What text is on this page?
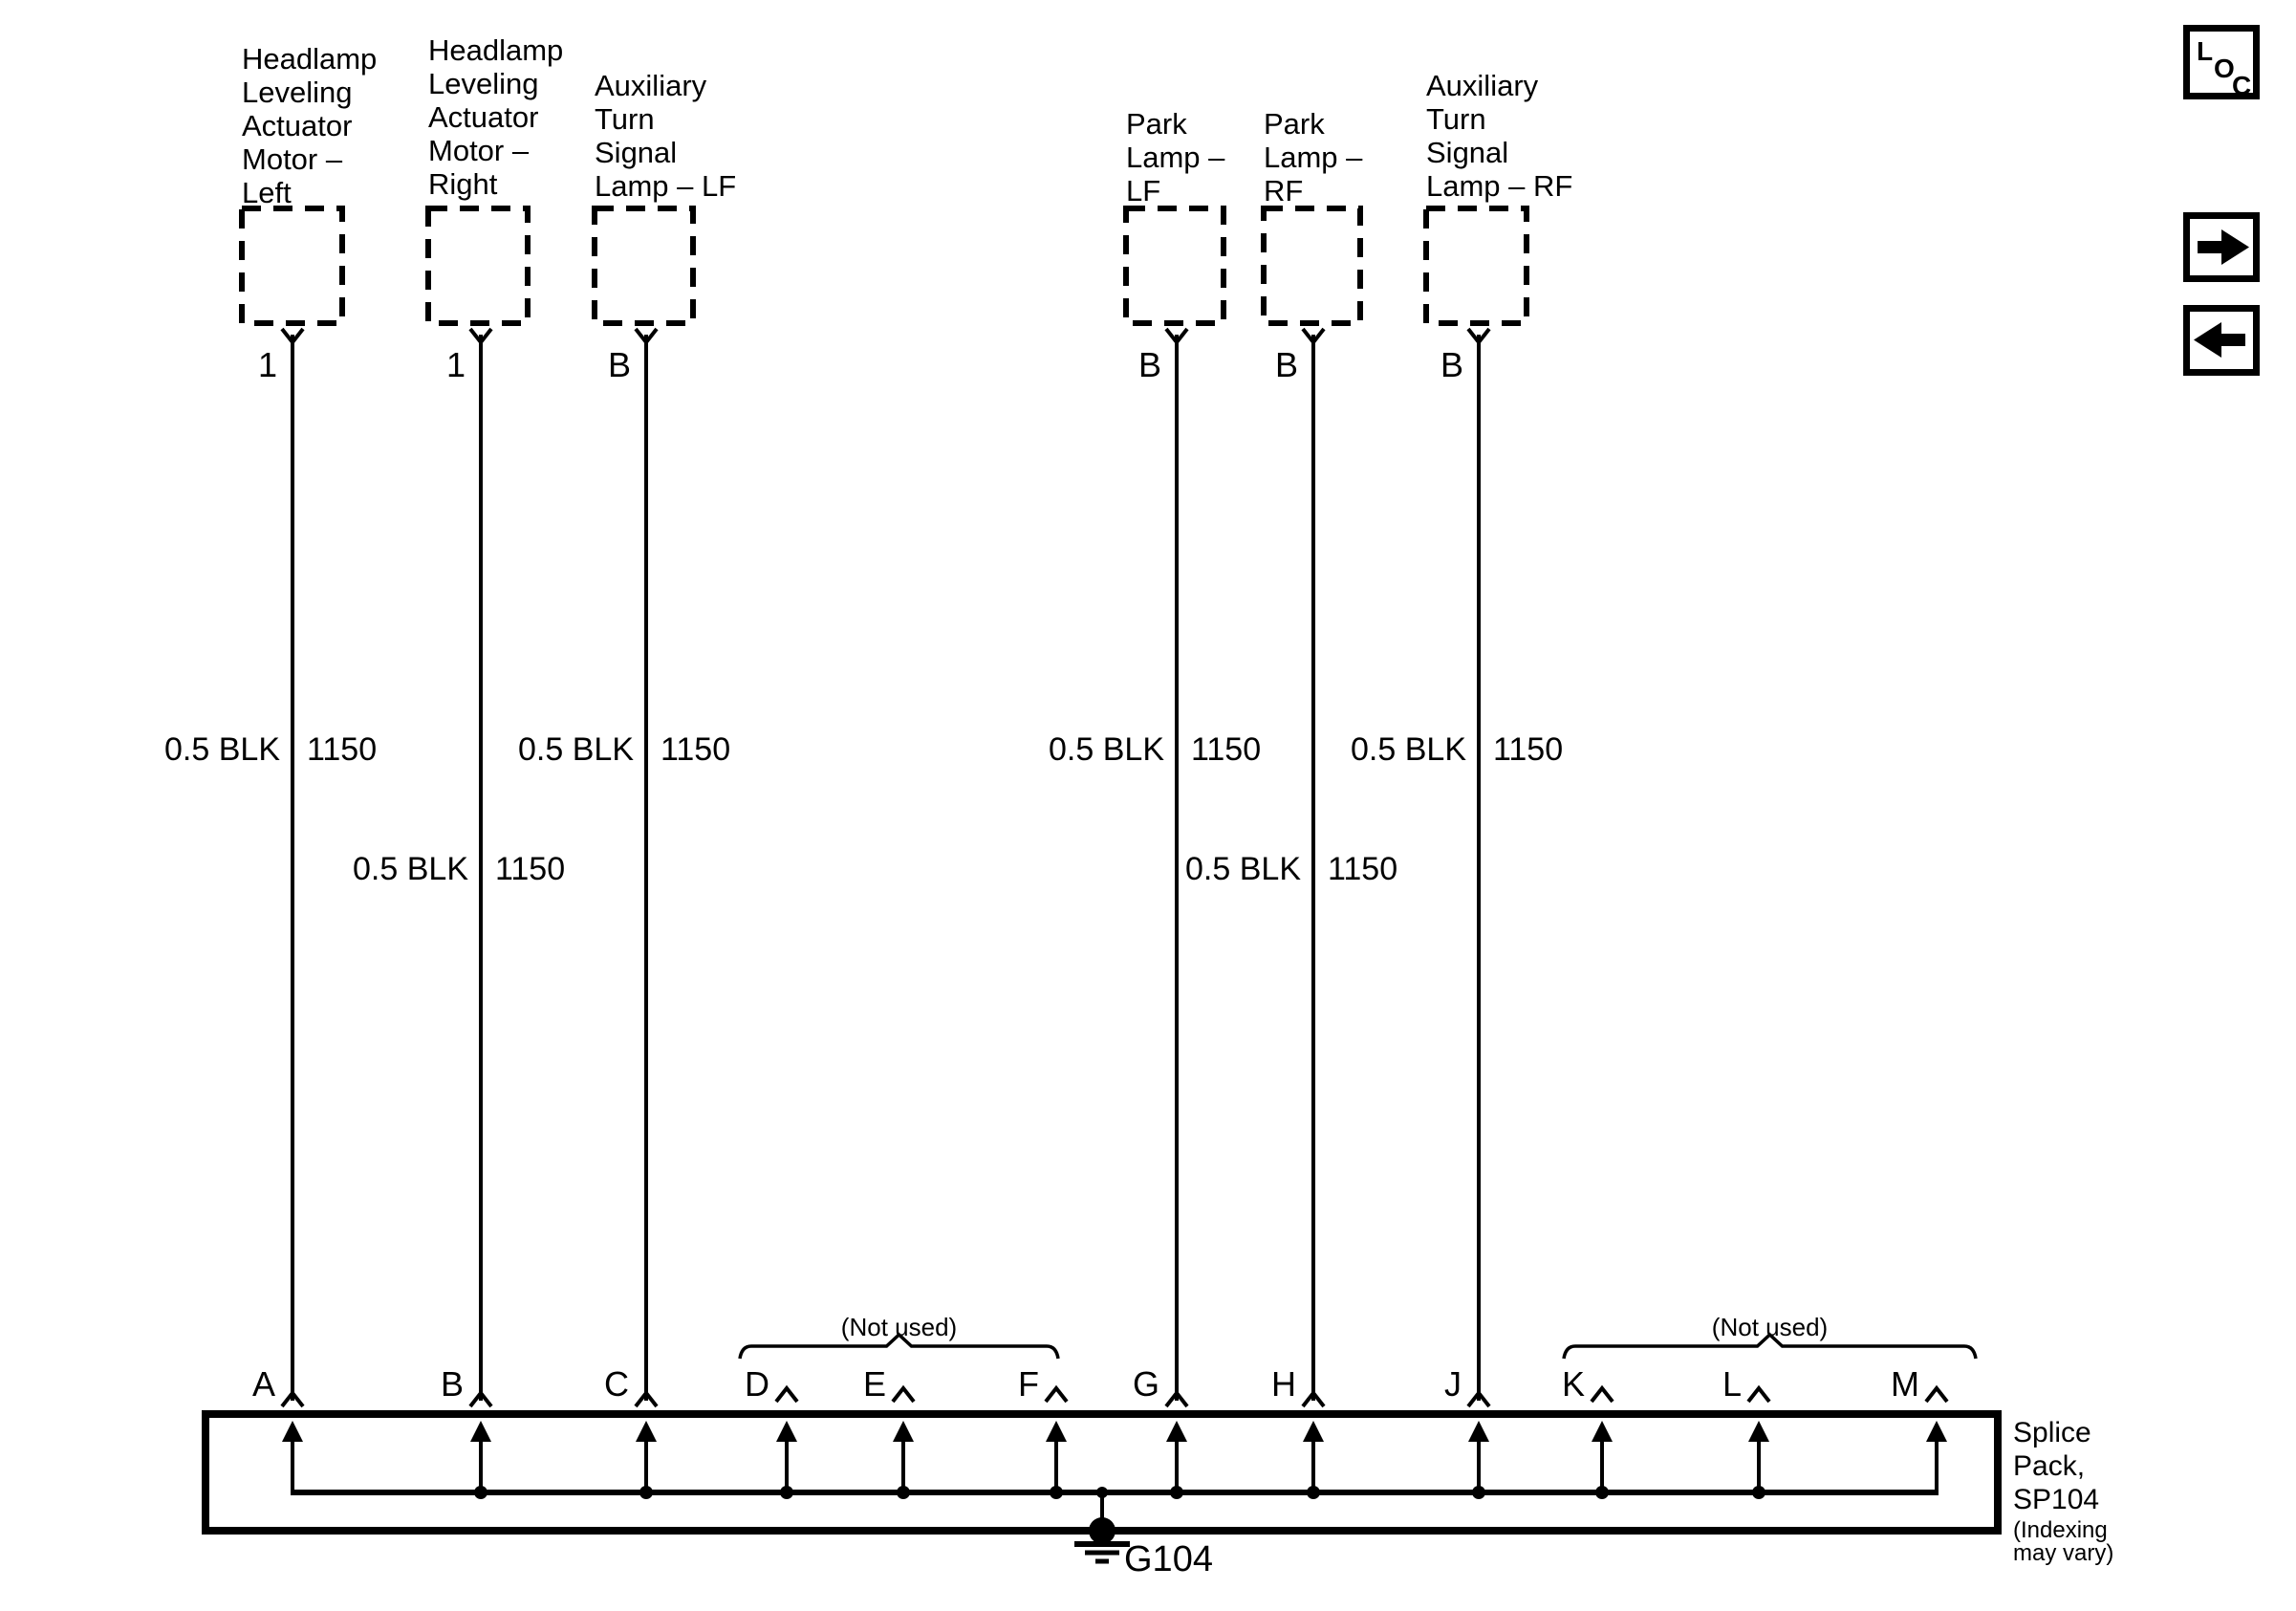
Splice
Pack,
SP104
(Indexing
may vary)
G104
L
O
C
A	B	C	D	E	F	G	H	J	K	L	M
Headlamp
Leveling
Actuator
Motor –
Left
1
Headlamp
Leveling
Actuator
Motor –
Right
1
Auxiliary
Turn
Signal
Lamp – LF
B
Park
Lamp –
LF
B
Park
Lamp –
RF
B
Auxiliary
Turn
Signal
Lamp – RF
B
0.5 BLK 1150
0.5 BLK 1150
0.5 BLK 1150	0.5 BLK 1150
0.5 BLK 1150
0.5 BLK 1150
(Not used)	(Not used)
